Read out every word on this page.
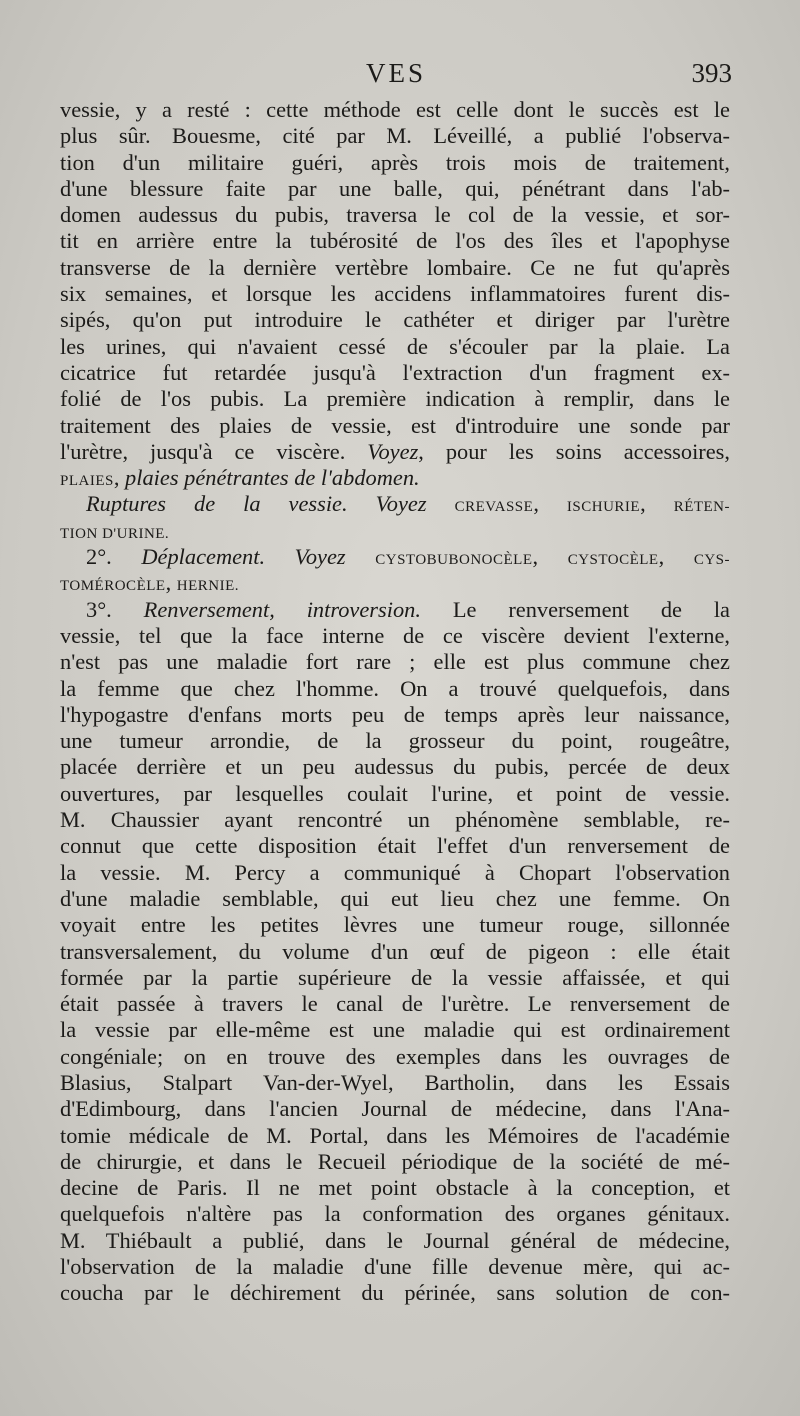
VES	393
vessie, y a resté : cette méthode est celle dont le succès est le
plus sûr. Bouesme, cité par M. Léveillé, a publié l'observa-
tion d'un militaire guéri, après trois mois de traitement,
d'une blessure faite par une balle, qui, pénétrant dans l'ab-
domen audessus du pubis, traversa le col de la vessie, et sor-
tit en arrière entre la tubérosité de l'os des îles et l'apophyse
transverse de la dernière vertèbre lombaire. Ce ne fut qu'après
six semaines, et lorsque les accidens inflammatoires furent dis-
sipés, qu'on put introduire le cathéter et diriger par l'urètre
les urines, qui n'avaient cessé de s'écouler par la plaie. La
cicatrice fut retardée jusqu'à l'extraction d'un fragment ex-
folié de l'os pubis. La première indication à remplir, dans le
traitement des plaies de vessie, est d'introduire une sonde par
l'urètre, jusqu'à ce viscère. Voyez, pour les soins accessoires,
PLAIES, plaies pénétrantes de l'abdomen.
Ruptures de la vessie. Voyez CREVASSE, ISCHURIE, RÉTEN-
TION D'URINE.
2°. Déplacement. Voyez CYSTOBUBONOCÈLE, CYSTOCÈLE, CYS-
TOMÉROCÈLE, HERNIE.
3°. Renversement, introversion. Le renversement de la
vessie, tel que la face interne de ce viscère devient l'externe,
n'est pas une maladie fort rare ; elle est plus commune chez
la femme que chez l'homme. On a trouvé quelquefois, dans
l'hypogastre d'enfans morts peu de temps après leur naissance,
une tumeur arrondie, de la grosseur du point, rougeâtre,
placée derrière et un peu audessus du pubis, percée de deux
ouvertures, par lesquelles coulait l'urine, et point de vessie.
M. Chaussier ayant rencontré un phénomène semblable, re-
connut que cette disposition était l'effet d'un renversement de
la vessie. M. Percy a communiqué à Chopart l'observation
d'une maladie semblable, qui eut lieu chez une femme. On
voyait entre les petites lèvres une tumeur rouge, sillonnée
transversalement, du volume d'un œuf de pigeon : elle était
formée par la partie supérieure de la vessie affaissée, et qui
était passée à travers le canal de l'urètre. Le renversement de
la vessie par elle-même est une maladie qui est ordinairement
congéniale; on en trouve des exemples dans les ouvrages de
Blasius, Stalpart Van-der-Wyel, Bartholin, dans les Essais
d'Edimbourg, dans l'ancien Journal de médecine, dans l'Ana-
tomie médicale de M. Portal, dans les Mémoires de l'académie
de chirurgie, et dans le Recueil périodique de la société de mé-
decine de Paris. Il ne met point obstacle à la conception, et
quelquefois n'altère pas la conformation des organes génitaux.
M. Thiébault a publié, dans le Journal général de médecine,
l'observation de la maladie d'une fille devenue mère, qui ac-
coucha par le déchirement du périnée, sans solution de con-
